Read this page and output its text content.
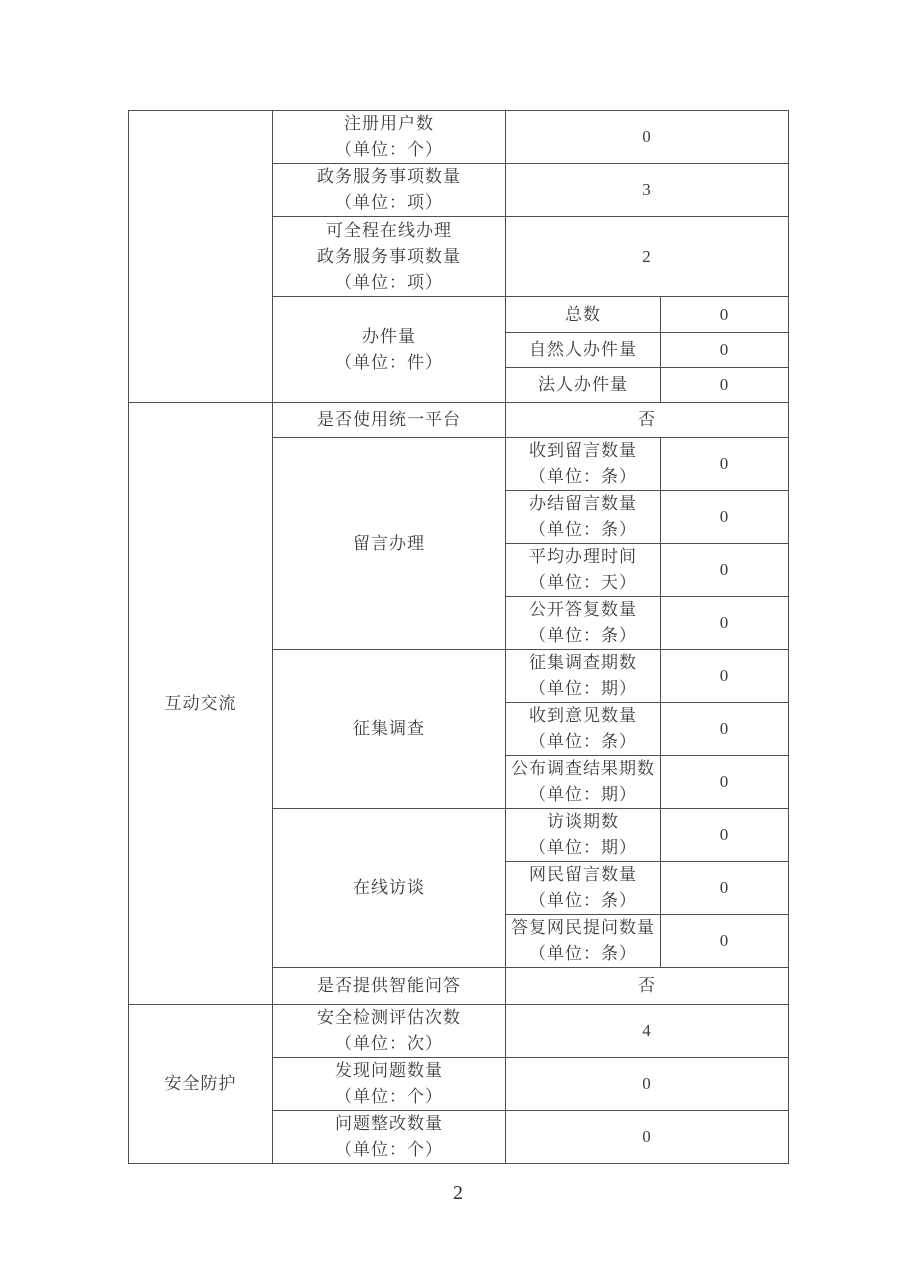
	注册用户数
（单位：个）	0	

	政务服务事项数量
（单位：项）	3	

	可全程在线办理
政务服务事项数量
（单位：项）	2	

	办件量
（单位：件）	总数	0

		自然人办件量	0

		法人办件量	0
互动交流	是否使用统一平台	否	

	留言办理	收到留言数量
（单位：条）	0

		办结留言数量
（单位：条）	0

		平均办理时间
（单位：天）	0

		公开答复数量
（单位：条）	0

	征集调查	征集调查期数
（单位：期）	0

		收到意见数量
（单位：条）	0

		公布调查结果期数
（单位：期）	0

	在线访谈	访谈期数
（单位：期）	0

		网民留言数量
（单位：条）	0

		答复网民提问数量
（单位：条）	0

	是否提供智能问答	否	
安全防护	安全检测评估次数
（单位：次）	4	

	发现问题数量
（单位：个）	0	

	问题整改数量
（单位：个）	0	
2
